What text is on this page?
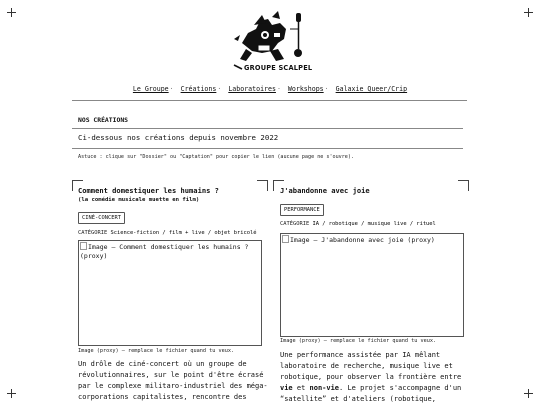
GROUPE SCALPEL
Le Groupe· Créations· Laboratoires· Workshops· Galaxie Queer/Crip
NOS CRÉATIONS
Ci-dessous nos créations depuis novembre 2022
Astuce : clique sur "Dossier" ou "Captation" pour copier le lien (aucune page ne s'ouvre).
Comment domestiquer les humains ?
(la comédie musicale muette en film)
CINÉ-CONCERT
CATÉGORIE Science-fiction / film + live / objet bricolé
Image — Comment domestiquer les humains ? (proxy)
Image (proxy) — remplace le fichier quand tu veux.
Un drôle de ciné-concert où un groupe de
révolutionnaires, sur le point d'être écrasé
par le complexe militaro-industriel des méga-
corporations capitalistes, rencontre des
J'abandonne avec joie
PERFORMANCE
CATÉGORIE IA / robotique / musique live / rituel
Image — J'abandonne avec joie (proxy)
Image (proxy) — remplace le fichier quand tu veux.
Une performance assistée par IA mêlant
laboratoire de recherche, musique live et
robotique, pour observer la frontière entre
vie et non-vie. Le projet s'accompagne d'un
“satellite” et d'ateliers (robotique,
